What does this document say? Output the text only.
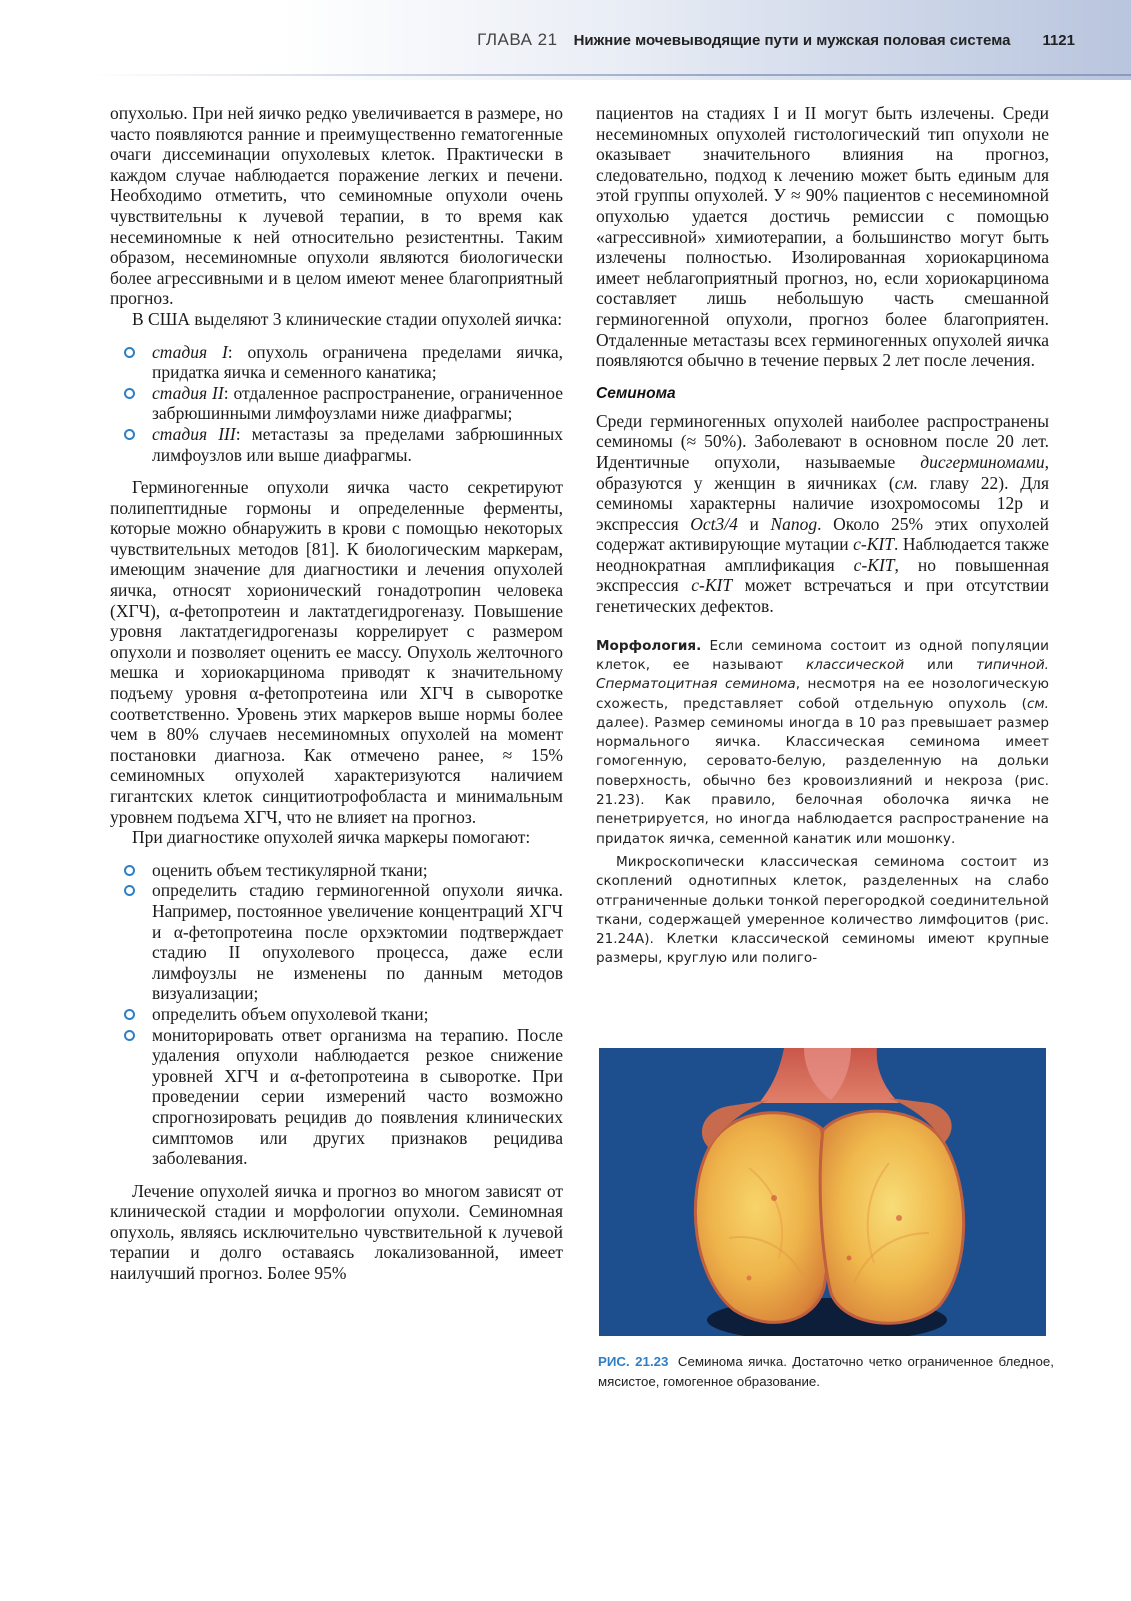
ГЛАВА 21 Нижние мочевыводящие пути и мужская половая система 1121

опухолью. При ней яичко редко увеличивается в размере, но часто появляются ранние и преимущественно гематогенные очаги диссеминации опухолевых клеток. Практически в каждом случае наблюдается поражение легких и печени. Необходимо отметить, что семиномные опухоли очень чувствительны к лучевой терапии, в то время как несеминомные к ней относительно резистентны. Таким образом, несеминомные опухоли являются биологически более агрессивными и в целом имеют менее благоприятный прогноз.

В США выделяют 3 клинические стадии опухолей яичка:

стадия I: опухоль ограничена пределами яичка, придатка яичка и семенного канатика;
стадия II: отдаленное распространение, ограниченное забрюшинными лимфоузлами ниже диафрагмы;
стадия III: метастазы за пределами забрюшинных лимфоузлов или выше диафрагмы.

Герминогенные опухоли яичка часто секретируют полипептидные гормоны и определенные ферменты, которые можно обнаружить в крови с помощью некоторых чувствительных методов [81]. К биологическим маркерам, имеющим значение для диагностики и лечения опухолей яичка, относят хорионический гонадотропин человека (ХГЧ), α-фетопротеин и лактатдегидрогеназу. Повышение уровня лактатдегидрогеназы коррелирует с размером опухоли и позволяет оценить ее массу. Опухоль желточного мешка и хориокарцинома приводят к значительному подъему уровня α-фетопротеина или ХГЧ в сыворотке соответственно. Уровень этих маркеров выше нормы более чем в 80% случаев несеминомных опухолей на момент постановки диагноза. Как отмечено ранее, ≈ 15% семиномных опухолей характеризуются наличием гигантских клеток синцитиотрофобласта и минимальным уровнем подъема ХГЧ, что не влияет на прогноз.

При диагностике опухолей яичка маркеры помогают:

оценить объем тестикулярной ткани;
определить стадию герминогенной опухоли яичка. Например, постоянное увеличение концентраций ХГЧ и α-фетопротеина после орхэктомии подтверждает стадию II опухолевого процесса, даже если лимфоузлы не изменены по данным методов визуализации;
определить объем опухолевой ткани;
мониторировать ответ организма на терапию. После удаления опухоли наблюдается резкое снижение уровней ХГЧ и α-фетопротеина в сыворотке. При проведении серии измерений часто возможно спрогнозировать рецидив до появления клинических симптомов или других признаков рецидива заболевания.

Лечение опухолей яичка и прогноз во многом зависят от клинической стадии и морфологии опухоли. Семиномная опухоль, являясь исключительно чувствительной к лучевой терапии и долго оставаясь локализованной, имеет наилучший прогноз. Более 95%

пациентов на стадиях I и II могут быть излечены. Среди несеминомных опухолей гистологический тип опухоли не оказывает значительного влияния на прогноз, следовательно, подход к лечению может быть единым для этой группы опухолей. У ≈ 90% пациентов с несеминомной опухолью удается достичь ремиссии с помощью «агрессивной» химиотерапии, а большинство могут быть излечены полностью. Изолированная хориокарцинома имеет неблагоприятный прогноз, но, если хориокарцинома составляет лишь небольшую часть смешанной герминогенной опухоли, прогноз более благоприятен. Отдаленные метастазы всех герминогенных опухолей яичка появляются обычно в течение первых 2 лет после лечения.

Семинома

Среди герминогенных опухолей наиболее распространены семиномы (≈ 50%). Заболевают в основном после 20 лет. Идентичные опухоли, называемые дисгерминомами, образуются у женщин в яичниках (см. главу 22). Для семиномы характерны наличие изохромосомы 12p и экспрессия Oct3/4 и Nanog. Около 25% этих опухолей содержат активирующие мутации c-KIT. Наблюдается также неоднократная амплификация c-KIT, но повышенная экспрессия c-KIT может встречаться и при отсутствии генетических дефектов.

Морфология. Если семинома состоит из одной популяции клеток, ее называют классической или типичной. Сперматоцитная семинома, несмотря на ее нозологическую схожесть, представляет собой отдельную опухоль (см. далее). Размер семиномы иногда в 10 раз превышает размер нормального яичка. Классическая семинома имеет гомогенную, серовато-белую, разделенную на дольки поверхность, обычно без кровоизлияний и некроза (рис. 21.23). Как правило, белочная оболочка яичка не пенетрируется, но иногда наблюдается распространение на придаток яичка, семенной канатик или мошонку.

Микроскопически классическая семинома состоит из скоплений однотипных клеток, разделенных на слабо отграниченные дольки тонкой перегородкой соединительной ткани, содержащей умеренное количество лимфоцитов (рис. 21.24A). Клетки классической семиномы имеют крупные размеры, круглую или полиго-

РИС. 21.23 Семинома яичка. Достаточно четко ограниченное бледное, мясистое, гомогенное образование.
